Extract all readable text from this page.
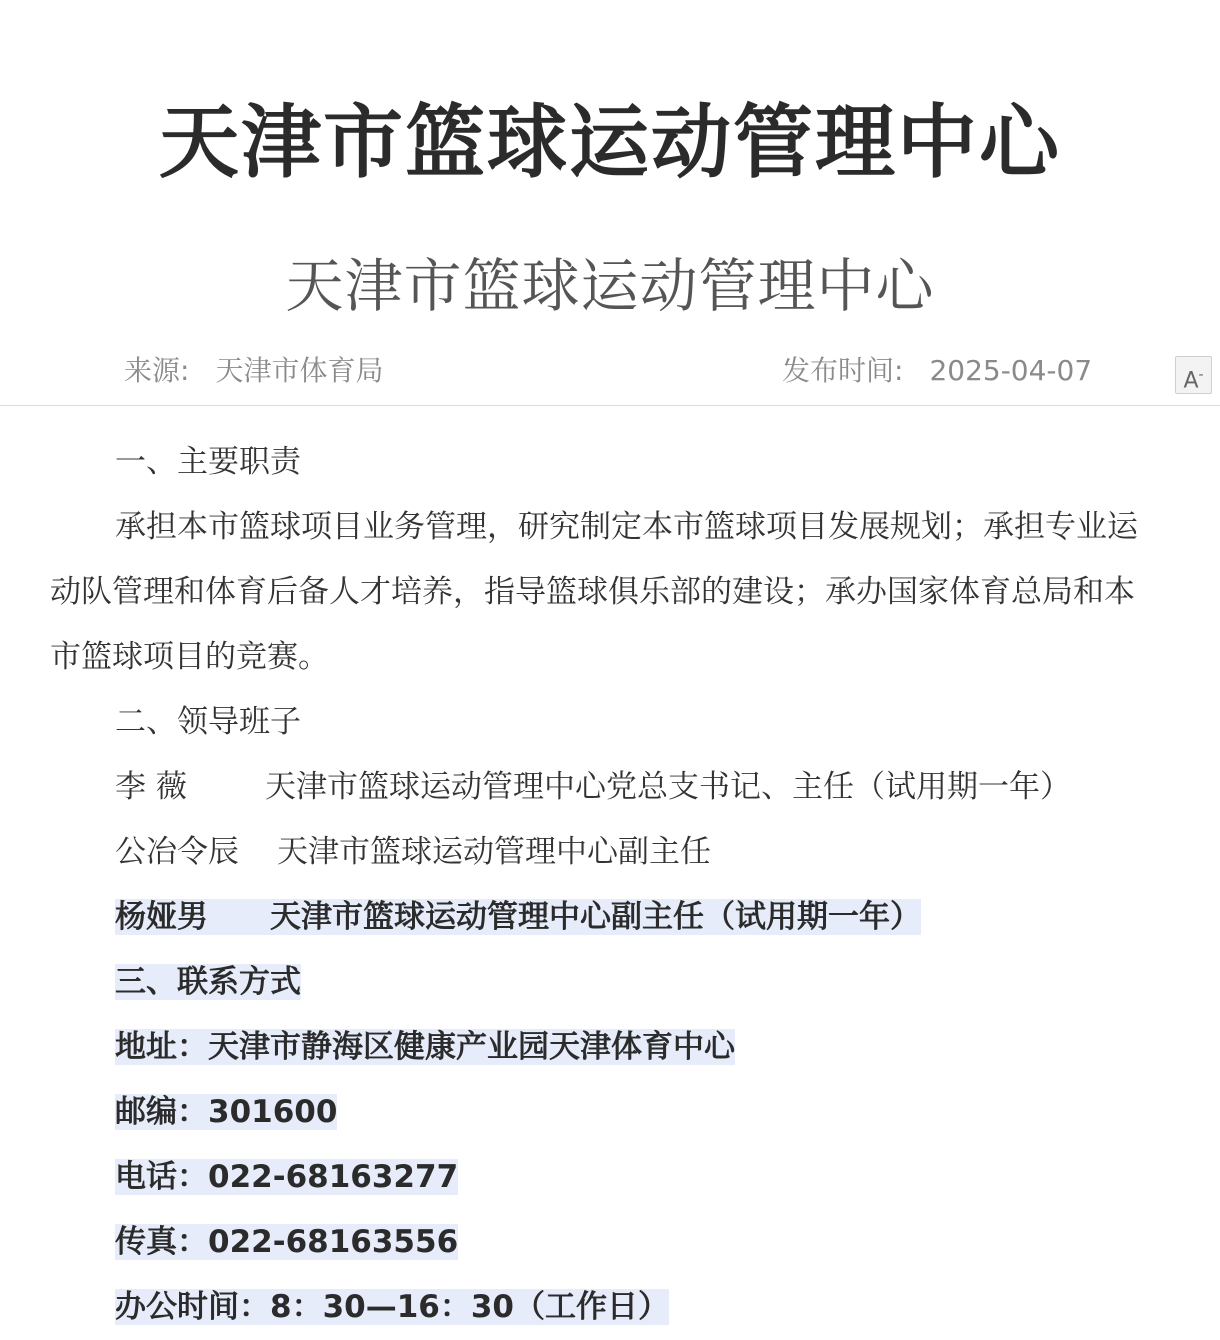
天津市篮球运动管理中心
天津市篮球运动管理中心
来源: 天津市体育局	发布时间: 2025-04-07	A-

一、主要职责

承担本市篮球项目业务管理，研究制定本市篮球项目发展规划；承担专业运动队管理和体育后备人才培养，指导篮球俱乐部的建设；承办国家体育总局和本市篮球项目的竞赛。

二、领导班子

李 薇	天津市篮球运动管理中心党总支书记、主任（试用期一年）

公冶令辰 天津市篮球运动管理中心副主任

杨娅男 天津市篮球运动管理中心副主任（试用期一年）

三、联系方式

地址：天津市静海区健康产业园天津体育中心

邮编：301600

电话：022-68163277

传真：022-68163556

办公时间：8：30—16：30（工作日）
